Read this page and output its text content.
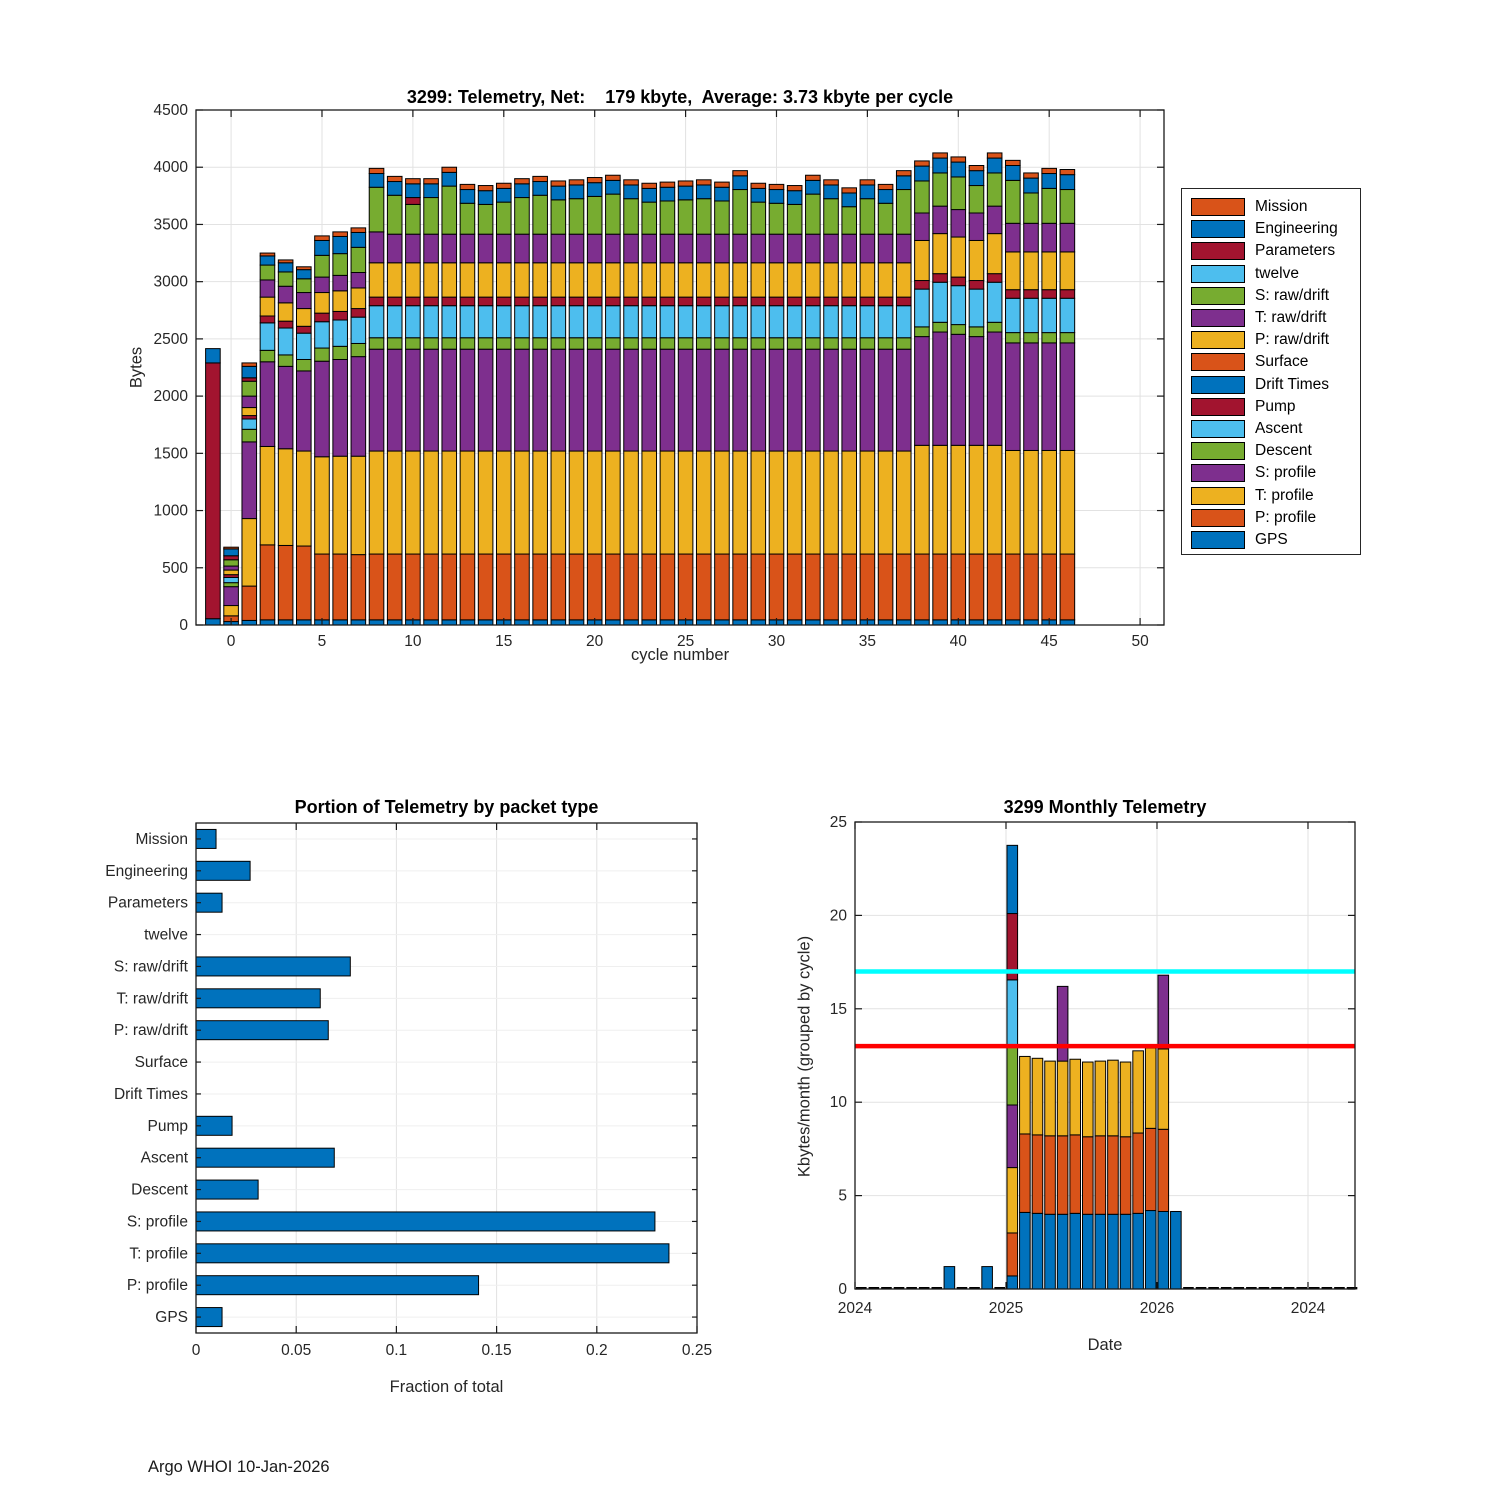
0	5	10	15	20	25	30	35	40	45	50
0
500
1000
1500
2000
2500
3000
3500
4000
4500
Mission
Engineering
Parameters
twelve
S: raw/drift
T: raw/drift
P: raw/drift
Surface
Drift Times
Pump
Ascent
Descent
S: profile
T: profile
P: profile
GPS
0	0.05	0.1	0.15	0.2	0.25
0
5
10
15
20
25
2024	2025	2026	2024
3299: Telemetry, Net:    179 kbyte,  Average: 3.73 kbyte per cycle
Bytes
cycle number
Portion of Telemetry by packet type
Fraction of total
3299 Monthly Telemetry
Kbytes/month (grouped by cycle)
Date
Mission
Engineering
Parameters
twelve
S: raw/drift
T: raw/drift
P: raw/drift
Surface
Drift Times
Pump
Ascent
Descent
S: profile
T: profile
P: profile
GPS
Argo WHOI 10-Jan-2026
